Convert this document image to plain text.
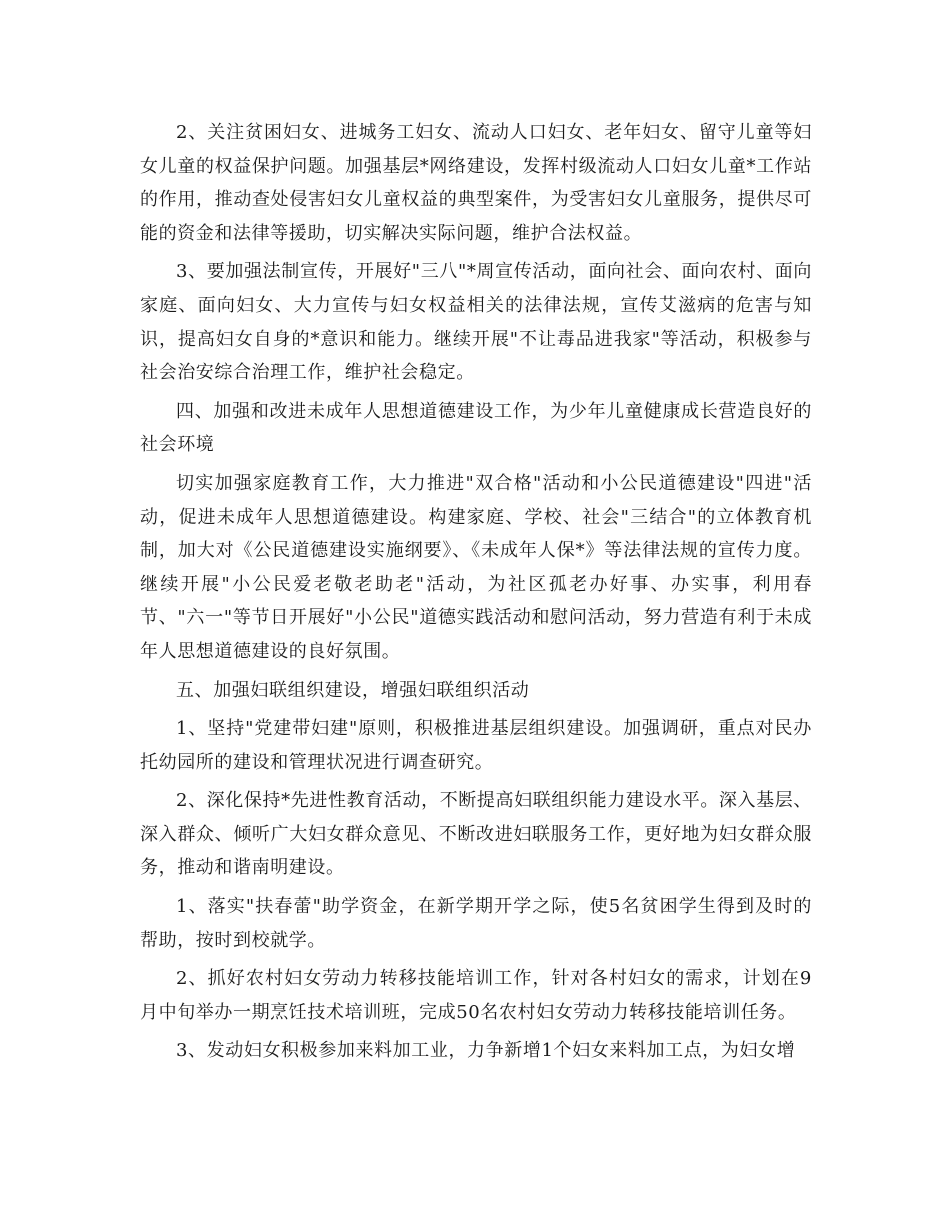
2、关注贫困妇女、进城务工妇女、流动人口妇女、老年妇女、留守儿童等妇女儿童的权益保护问题。加强基层*网络建设，发挥村级流动人口妇女儿童*工作站的作用，推动查处侵害妇女儿童权益的典型案件，为受害妇女儿童服务，提供尽可能的资金和法律等援助，切实解决实际问题，维护合法权益。

3、要加强法制宣传，开展好"三八"*周宣传活动，面向社会、面向农村、面向家庭、面向妇女、大力宣传与妇女权益相关的法律法规，宣传艾滋病的危害与知识，提高妇女自身的*意识和能力。继续开展"不让毒品进我家"等活动，积极参与社会治安综合治理工作，维护社会稳定。

四、加强和改进未成年人思想道德建设工作，为少年儿童健康成长营造良好的社会环境

切实加强家庭教育工作，大力推进"双合格"活动和小公民道德建设"四进"活动，促进未成年人思想道德建设。构建家庭、学校、社会"三结合"的立体教育机制，加大对《公民道德建设实施纲要》、《未成年人保*》等法律法规的宣传力度。继续开展"小公民爱老敬老助老"活动，为社区孤老办好事、办实事，利用春节、"六一"等节日开展好"小公民"道德实践活动和慰问活动，努力营造有利于未成年人思想道德建设的良好氛围。

五、加强妇联组织建设，增强妇联组织活动

1、坚持"党建带妇建"原则，积极推进基层组织建设。加强调研，重点对民办托幼园所的建设和管理状况进行调查研究。

2、深化保持*先进性教育活动，不断提高妇联组织能力建设水平。深入基层、深入群众、倾听广大妇女群众意见、不断改进妇联服务工作，更好地为妇女群众服务，推动和谐南明建设。

1、落实"扶春蕾"助学资金，在新学期开学之际，使5名贫困学生得到及时的帮助，按时到校就学。

2、抓好农村妇女劳动力转移技能培训工作，针对各村妇女的需求，计划在9月中旬举办一期烹饪技术培训班，完成50名农村妇女劳动力转移技能培训任务。

3、发动妇女积极参加来料加工业，力争新增1个妇女来料加工点，为妇女增
